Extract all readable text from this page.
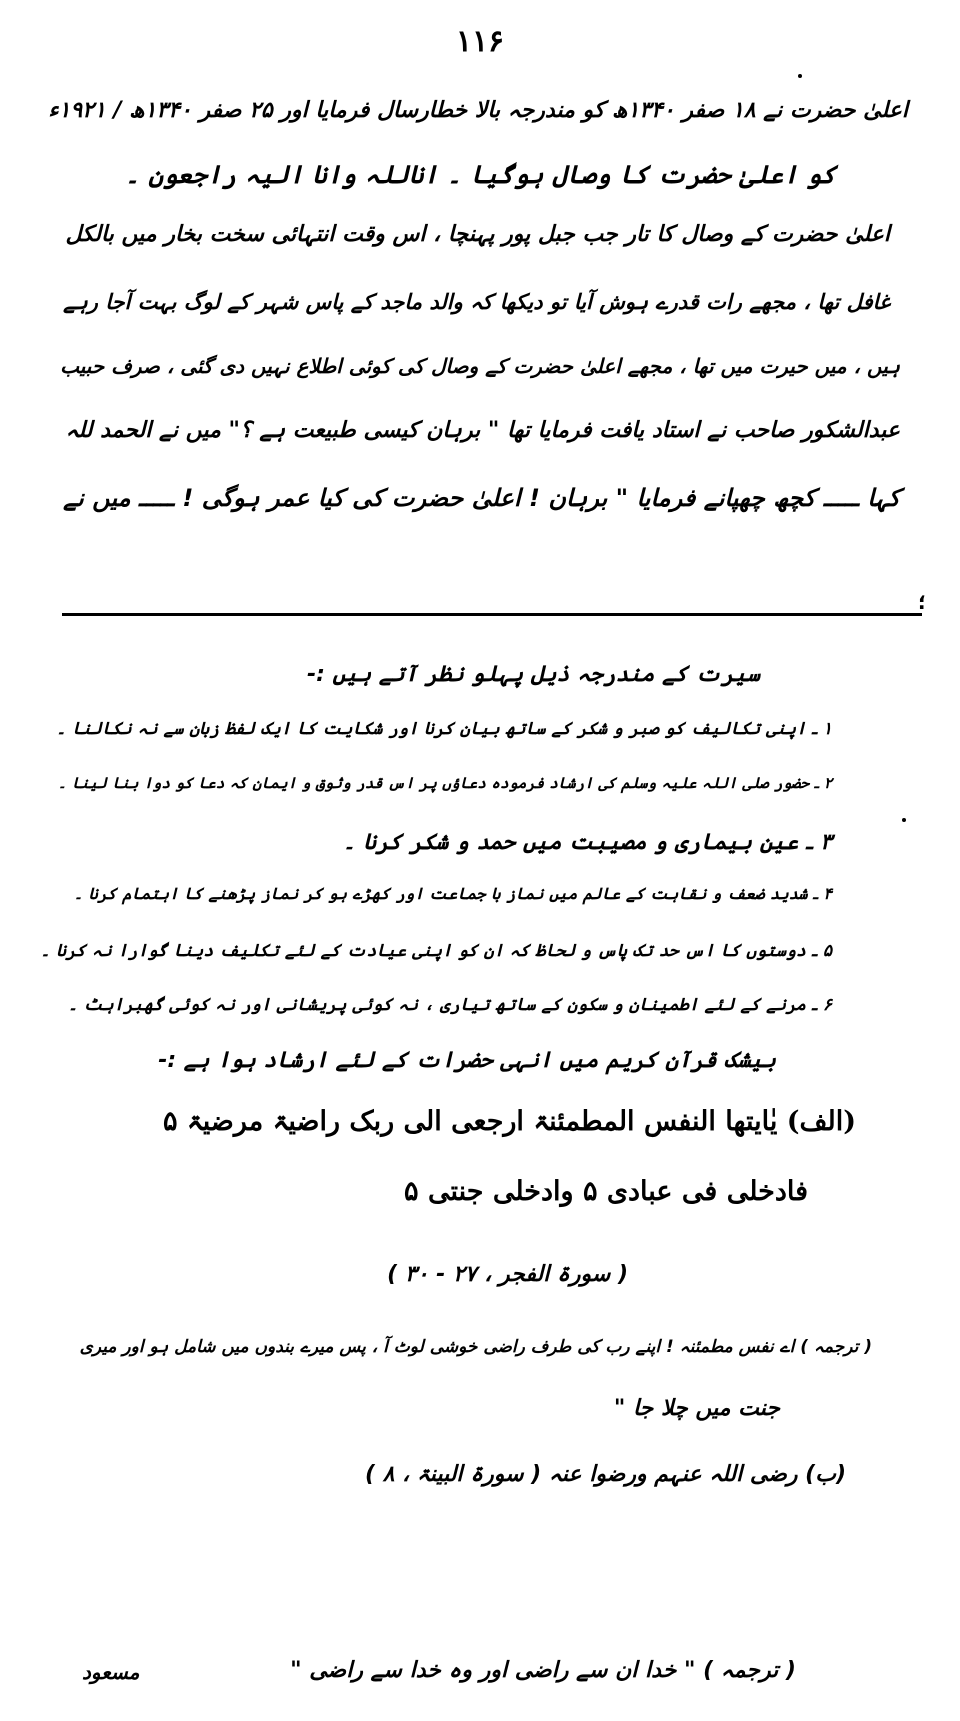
۱۱۶
اعلیٰ حضرت نے ۱۸ صفر ۱۳۴۰ھ کو مندرجہ بالا خطارسال فرمایا اور ۲۵ صفر ۱۳۴۰ھ / ۱۹۲۱ء
کو اعلیٰ حضرت کا وصال ہوگیا ۔ اناللہ وانا الیہ راجعون ۔
اعلیٰ حضرت کے وصال کا تار جب جبل پور پہنچا ، اس وقت انتہائی سخت بخار میں بالکل
غافل تھا ، مجھے رات قدرے ہوش آیا تو دیکھا کہ والد ماجد کے پاس شہر کے لوگ بہت آجا رہے
ہیں ، میں حیرت میں تھا ، مجھے اعلیٰ حضرت کے وصال کی کوئی اطلاع نہیں دی گئی ، صرف حبیب
عبدالشکور صاحب نے استاد یافت فرمایا تھا " برہان کیسی طبیعت ہے ؟" میں نے الحمد للہ
کہا ـــــ کچھ چھپانے فرمایا " برہان ! اعلیٰ حضرت کی کیا عمر ہوگی ! ـــــ میں نے
؛
سیرت کے مندرجہ ذیل پہلو نظر آتے ہیں :-
۱ ـ اپنی تکالیف کو صبر و شکر کے ساتھ بیان کرنا اور شکایت کا ایک لفظ زبان سے نہ نکالنا ۔
۲ ـ حضور صلی اللہ علیہ وسلم کی ارشاد فرمودہ دعاؤں پر اس قدر وثوق و ایمان کہ دعا کو دوا بنا لینا ۔
۳ ـ عین بیماری و مصیبت میں حمد و شکر کرنا ۔
۴ ـ شدید ضعف و نقاہت کے عالم میں نماز با جماعت اور کھڑے ہو کر نماز پڑھنے کا اہتمام کرنا ۔
۵ ـ دوستوں کا اس حد تک پاس و لحاظ کہ ان کو اپنی عیادت کے لئے تکلیف دینا گوارا نہ کرنا ۔
۶ ـ مرنے کے لئے اطمینان و سکون کے ساتھ تیاری ، نہ کوئی پریشانی اور نہ کوئی گھبراہٹ ۔
بیشک قرآن کریم میں انہی حضرات کے لئے ارشاد ہوا ہے :-
(الف) یٰایتھا النفس المطمئنۃ ارجعی الی ربک راضیۃ مرضیۃ ۵
فادخلی فی عبادی ۵ وادخلی جنتی ۵
( سورۃ الفجر ، ۲۷ - ۳۰ )
( ترجمہ ) اے نفس مطمئنہ ! اپنے رب کی طرف راضی خوشی لوٹ آ ، پس میرے بندوں میں شامل ہو اور میری
جنت میں چلا جا "
(ب) رضی اللہ عنہم ورضوا عنہ ( سورۃ البینۃ ، ۸ )
( ترجمہ ) " خدا ان سے راضی اور وہ خدا سے راضی "
مسعود
